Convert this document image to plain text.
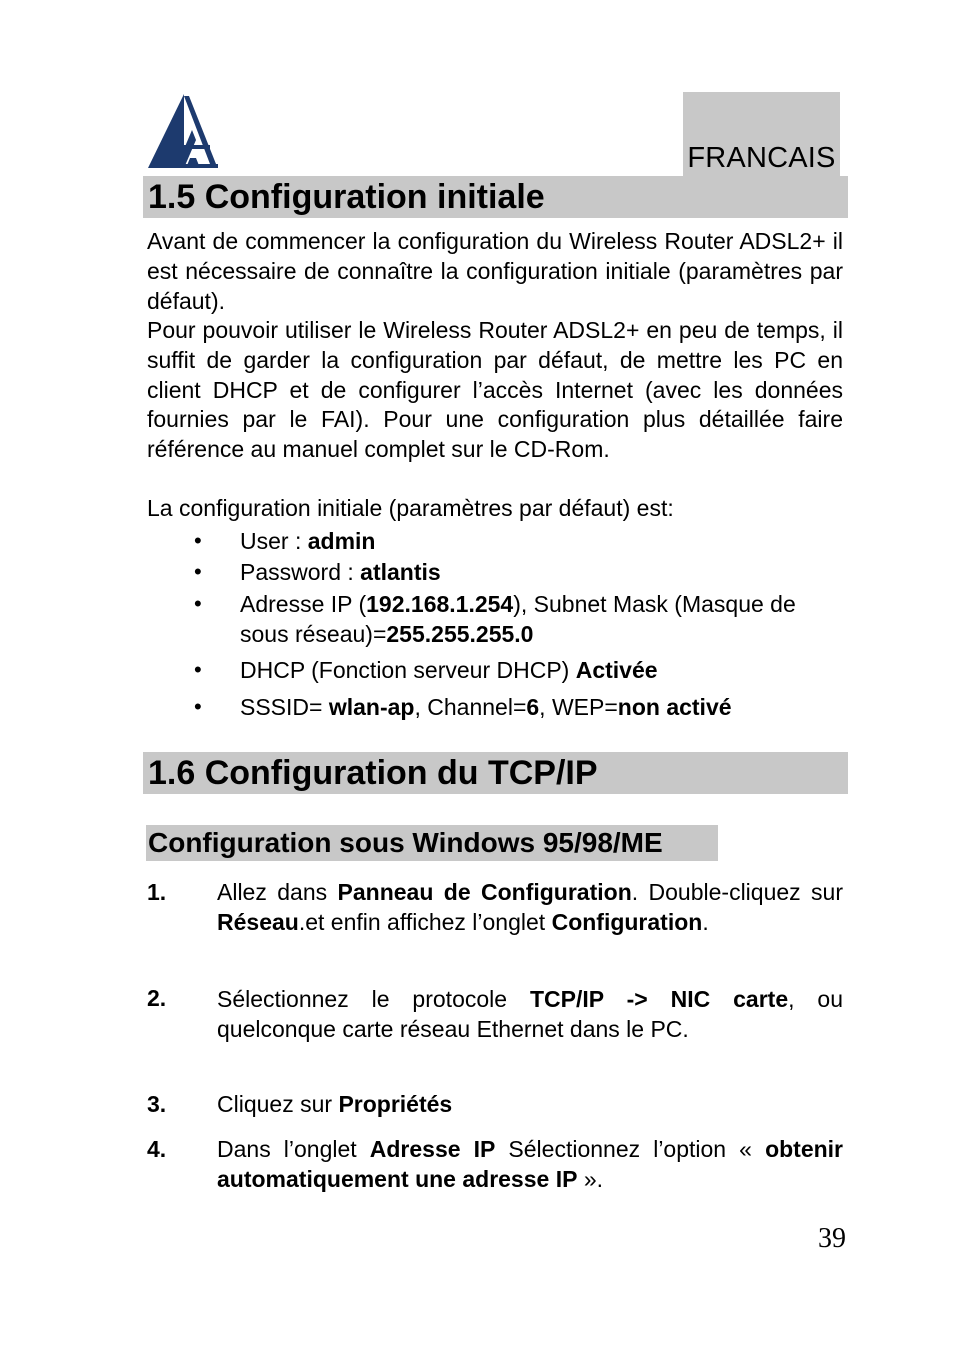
FRANCAIS
1.5 Configuration initiale
Avant de commencer la configuration du Wireless Router ADSL2+ il est nécessaire de connaître la configuration initiale (paramètres par défaut).
Pour pouvoir utiliser le Wireless Router ADSL2+ en peu de temps, il suffit de garder la configuration par défaut, de mettre les PC en client DHCP et de configurer l’accès Internet (avec les données fournies par le FAI). Pour une configuration plus détaillée faire référence au manuel complet sur le CD-Rom.
La configuration initiale (paramètres par défaut) est:
• User : admin
• Password : atlantis
• Adresse IP (192.168.1.254), Subnet Mask (Masque de sous réseau)=255.255.255.0
• DHCP (Fonction serveur DHCP) Activée
• SSSID= wlan-ap, Channel=6, WEP=non activé
1.6 Configuration du TCP/IP
Configuration sous Windows 95/98/ME
1. Allez dans Panneau de Configuration. Double-cliquez sur Réseau.et enfin affichez l’onglet Configuration.
2. Sélectionnez le protocole TCP/IP -> NIC carte, ou quelconque carte réseau Ethernet dans le PC.
3. Cliquez sur Propriétés
4. Dans l’onglet Adresse IP Sélectionnez l’option « obtenir automatiquement une adresse IP ».
39
